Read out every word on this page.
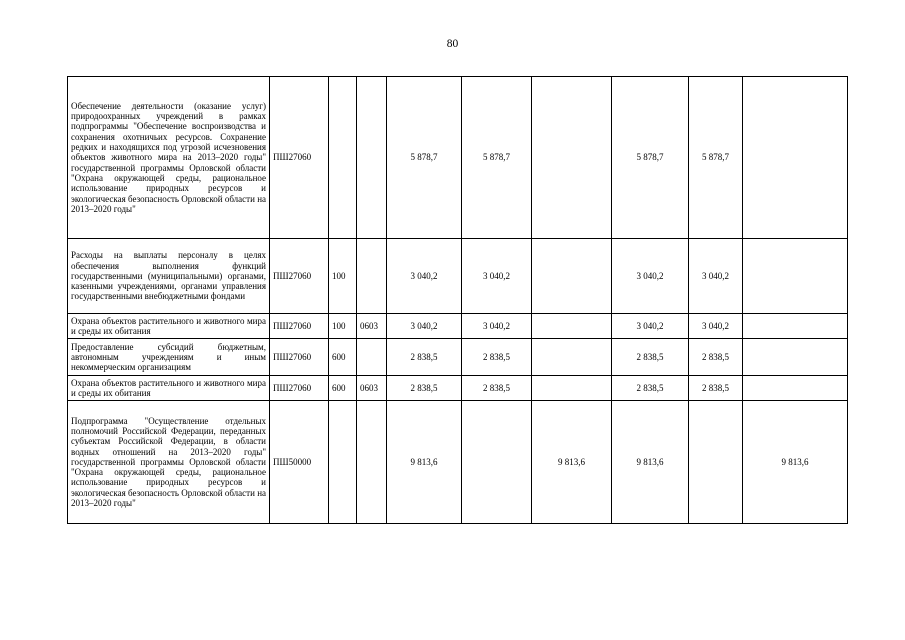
80
Обеспечение деятельности (оказание услуг) природоохранных учреждений в рамках подпрограммы "Обеспечение воспроизводства и сохранения охотничьих ресурсов. Сохранение редких и находящихся под угрозой исчезновения объектов животного мира на 2013–2020 годы" государственной программы Орловской области "Охрана окружающей среды, рациональное использование природных ресурсов и экологическая безопасность Орловской области на 2013–2020 годы"	ПШ27060			5 878,7	5 878,7		5 878,7	5 878,7	
Расходы на выплаты персоналу в целях обеспечения выполнения функций государственными (муниципальными) органами, казенными учреждениями, органами управления государственными внебюджетными фондами	ПШ27060	100		3 040,2	3 040,2		3 040,2	3 040,2	
Охрана объектов растительного и животного мира и среды их обитания	ПШ27060	100	0603	3 040,2	3 040,2		3 040,2	3 040,2	
Предоставление субсидий бюджетным, автономным учреждениям и иным некоммерческим организациям	ПШ27060	600		2 838,5	2 838,5		2 838,5	2 838,5	
Охрана объектов растительного и животного мира и среды их обитания	ПШ27060	600	0603	2 838,5	2 838,5		2 838,5	2 838,5	
Подпрограмма "Осуществление отдельных полномочий Российской Федерации, переданных субъектам Российской Федерации, в области водных отношений на 2013–2020 годы" государственной программы Орловской области "Охрана окружающей среды, рациональное использование природных ресурсов и экологическая безопасность Орловской области на 2013–2020 годы"	ПШ50000			9 813,6		9 813,6	9 813,6		9 813,6
